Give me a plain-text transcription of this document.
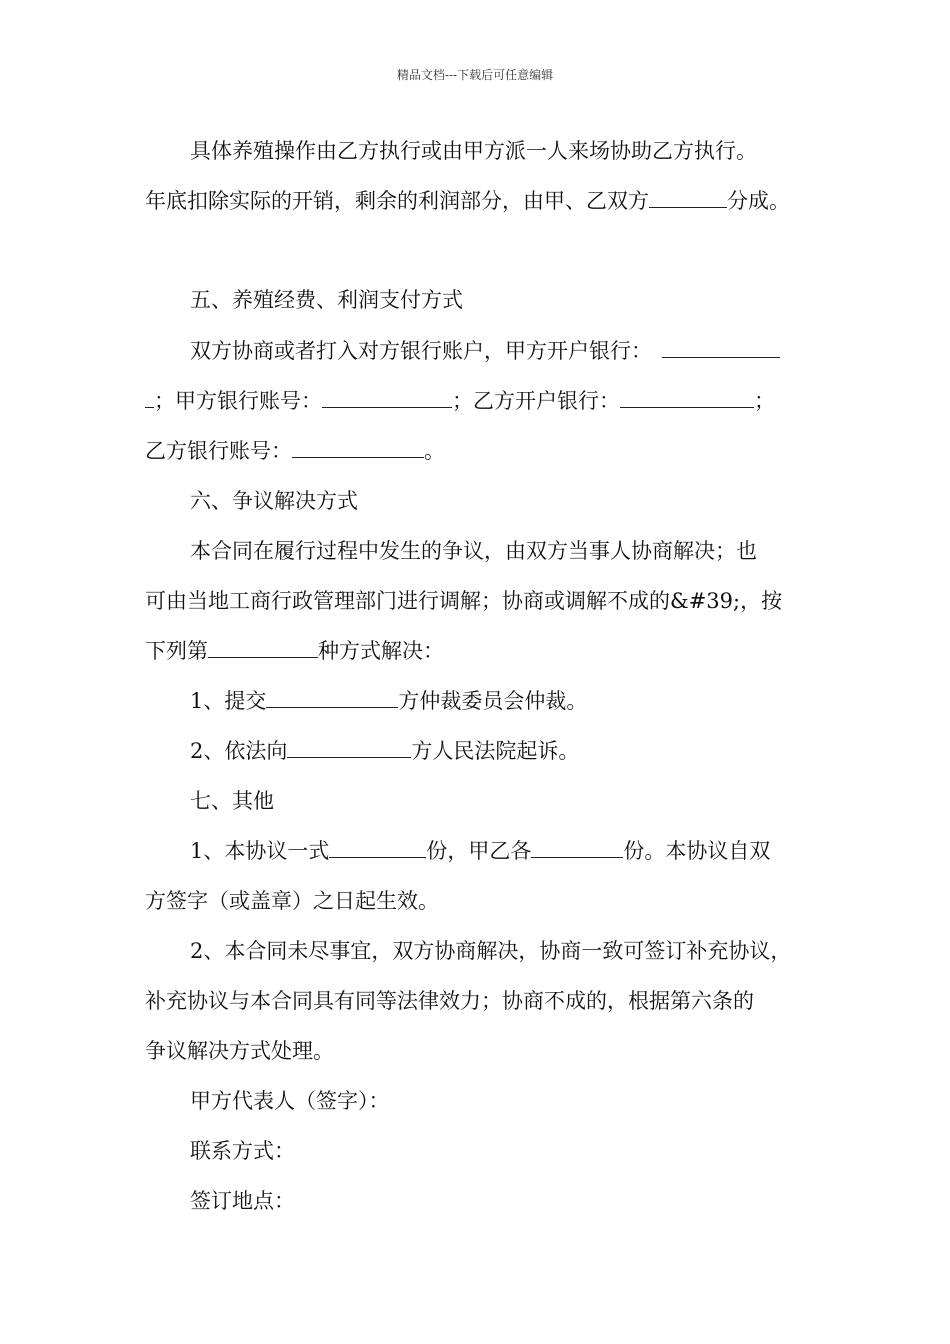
精品文档---下载后可任意编辑
具体养殖操作由乙方执行或由甲方派一人来场协助乙方执行。
年底扣除实际的开销，剩余的利润部分，由甲、乙双方	分成。
五、养殖经费、利润支付方式
双方协商或者打入对方银行账户，甲方开户银行：
；甲方银行账号：	；乙方开户银行：	；
乙方银行账号：	。
六、争议解决方式
本合同在履行过程中发生的争议，由双方当事人协商解决；也
可由当地工商行政管理部门进行调解；协商或调解不成的&#39;，按
下列第	种方式解决：
1、提交	方仲裁委员会仲裁。
2、依法向	方人民法院起诉。
七、其他
1、本协议一式	份，甲乙各	份。本协议自双
方签字（或盖章）之日起生效。
2、本合同未尽事宜，双方协商解决，协商一致可签订补充协议，
补充协议与本合同具有同等法律效力；协商不成的，根据第六条的
争议解决方式处理。
甲方代表人（签字）：
联系方式：
签订地点：
